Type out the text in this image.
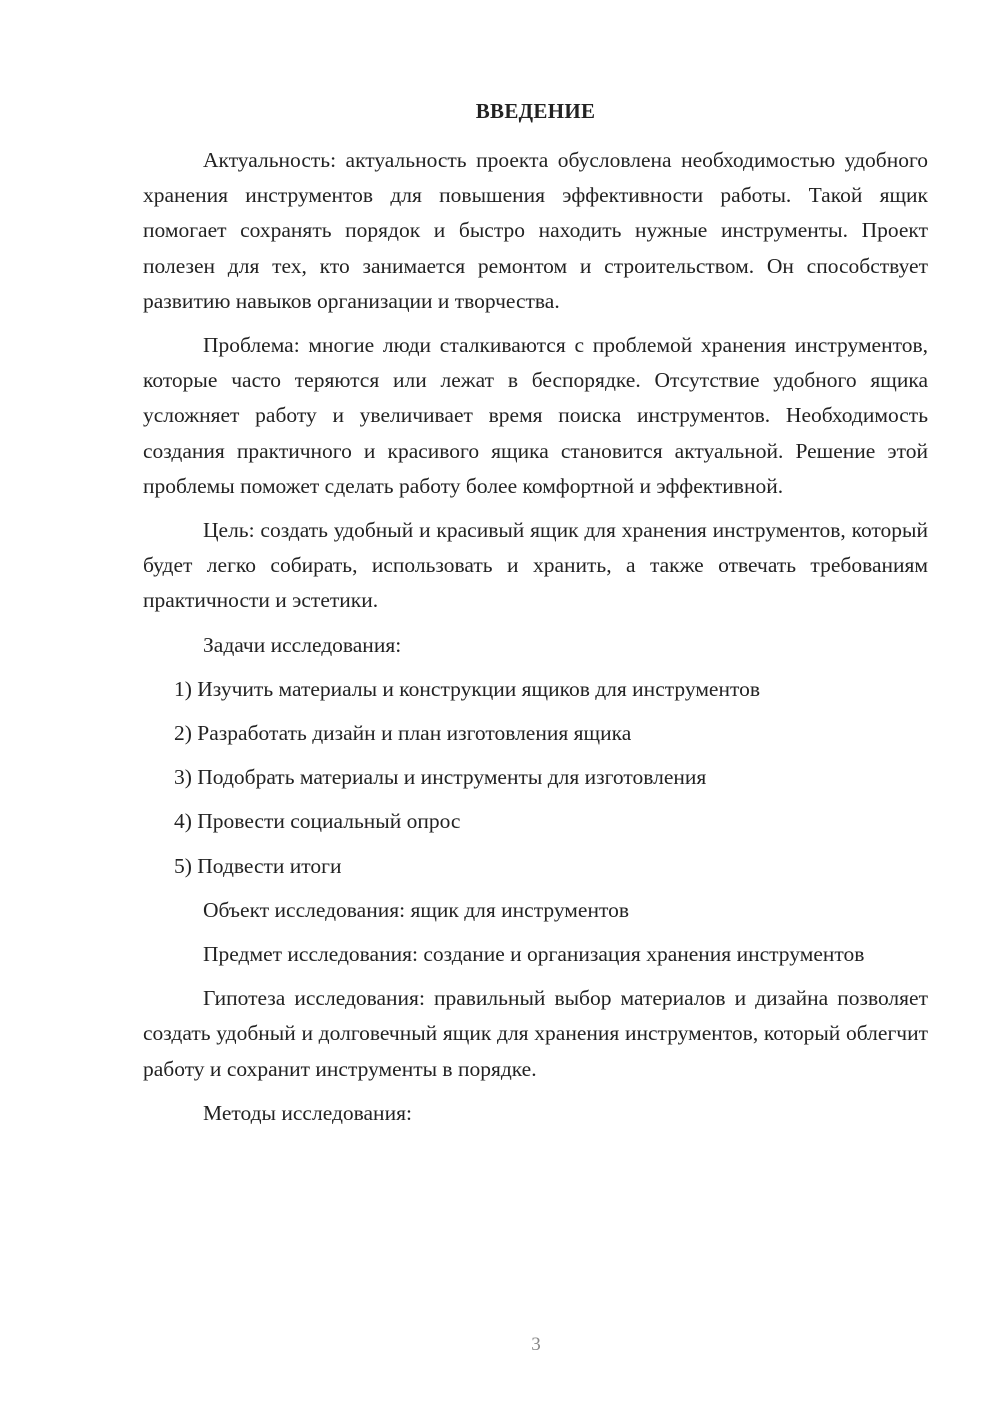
ВВЕДЕНИЕ

Актуальность: актуальность проекта обусловлена необходимостью удобного хранения инструментов для повышения эффективности работы. Такой ящик помогает сохранять порядок и быстро находить нужные инструменты. Проект полезен для тех, кто занимается ремонтом и строительством. Он способствует развитию навыков организации и творчества.

Проблема: многие люди сталкиваются с проблемой хранения инструментов, которые часто теряются или лежат в беспорядке. Отсутствие удобного ящика усложняет работу и увеличивает время поиска инструментов. Необходимость создания практичного и красивого ящика становится актуальной. Решение этой проблемы поможет сделать работу более комфортной и эффективной.

Цель: создать удобный и красивый ящик для хранения инструментов, который будет легко собирать, использовать и хранить, а также отвечать требованиям практичности и эстетики.

Задачи исследования:

1) Изучить материалы и конструкции ящиков для инструментов

2) Разработать дизайн и план изготовления ящика

3) Подобрать материалы и инструменты для изготовления

4) Провести социальный опрос

5) Подвести итоги

Объект исследования: ящик для инструментов

Предмет исследования: создание и организация хранения инструментов

Гипотеза исследования: правильный выбор материалов и дизайна позволяет создать удобный и долговечный ящик для хранения инструментов, который облегчит работу и сохранит инструменты в порядке.

Методы исследования:

3
